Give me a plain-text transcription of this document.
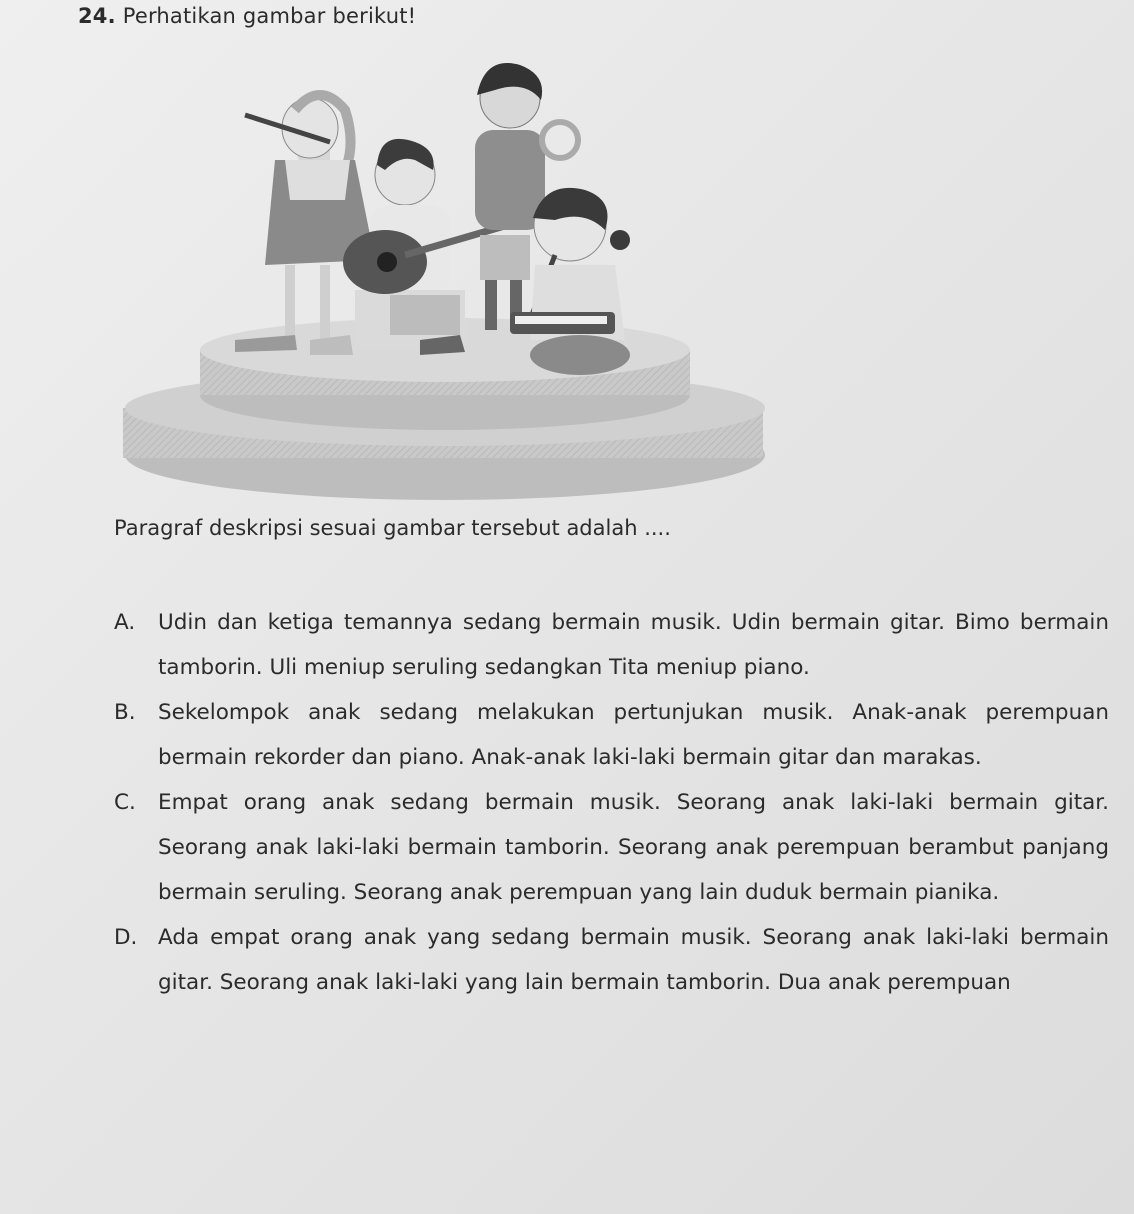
24. Perhatikan gambar berikut!
Paragraf deskripsi sesuai gambar tersebut adalah ....
A.	Udin dan ketiga temannya sedang bermain musik. Udin bermain gitar. Bimo bermain tamborin. Uli meniup seruling sedangkan Tita meniup piano.
B.	Sekelompok anak sedang melakukan pertunjukan musik. Anak-anak perempuan bermain rekorder dan piano. Anak-anak laki-laki bermain gitar dan marakas.
C.	Empat orang anak sedang bermain musik. Seorang anak laki-laki bermain gitar. Seorang anak laki-laki bermain tamborin. Seorang anak perempuan berambut panjang bermain seruling. Seorang anak perempuan yang lain duduk bermain pianika.
D. Ada empat orang anak yang sedang bermain musik. Seorang anak laki-laki bermain gitar. Seorang anak laki-laki yang lain bermain tamborin. Dua anak perempuan
